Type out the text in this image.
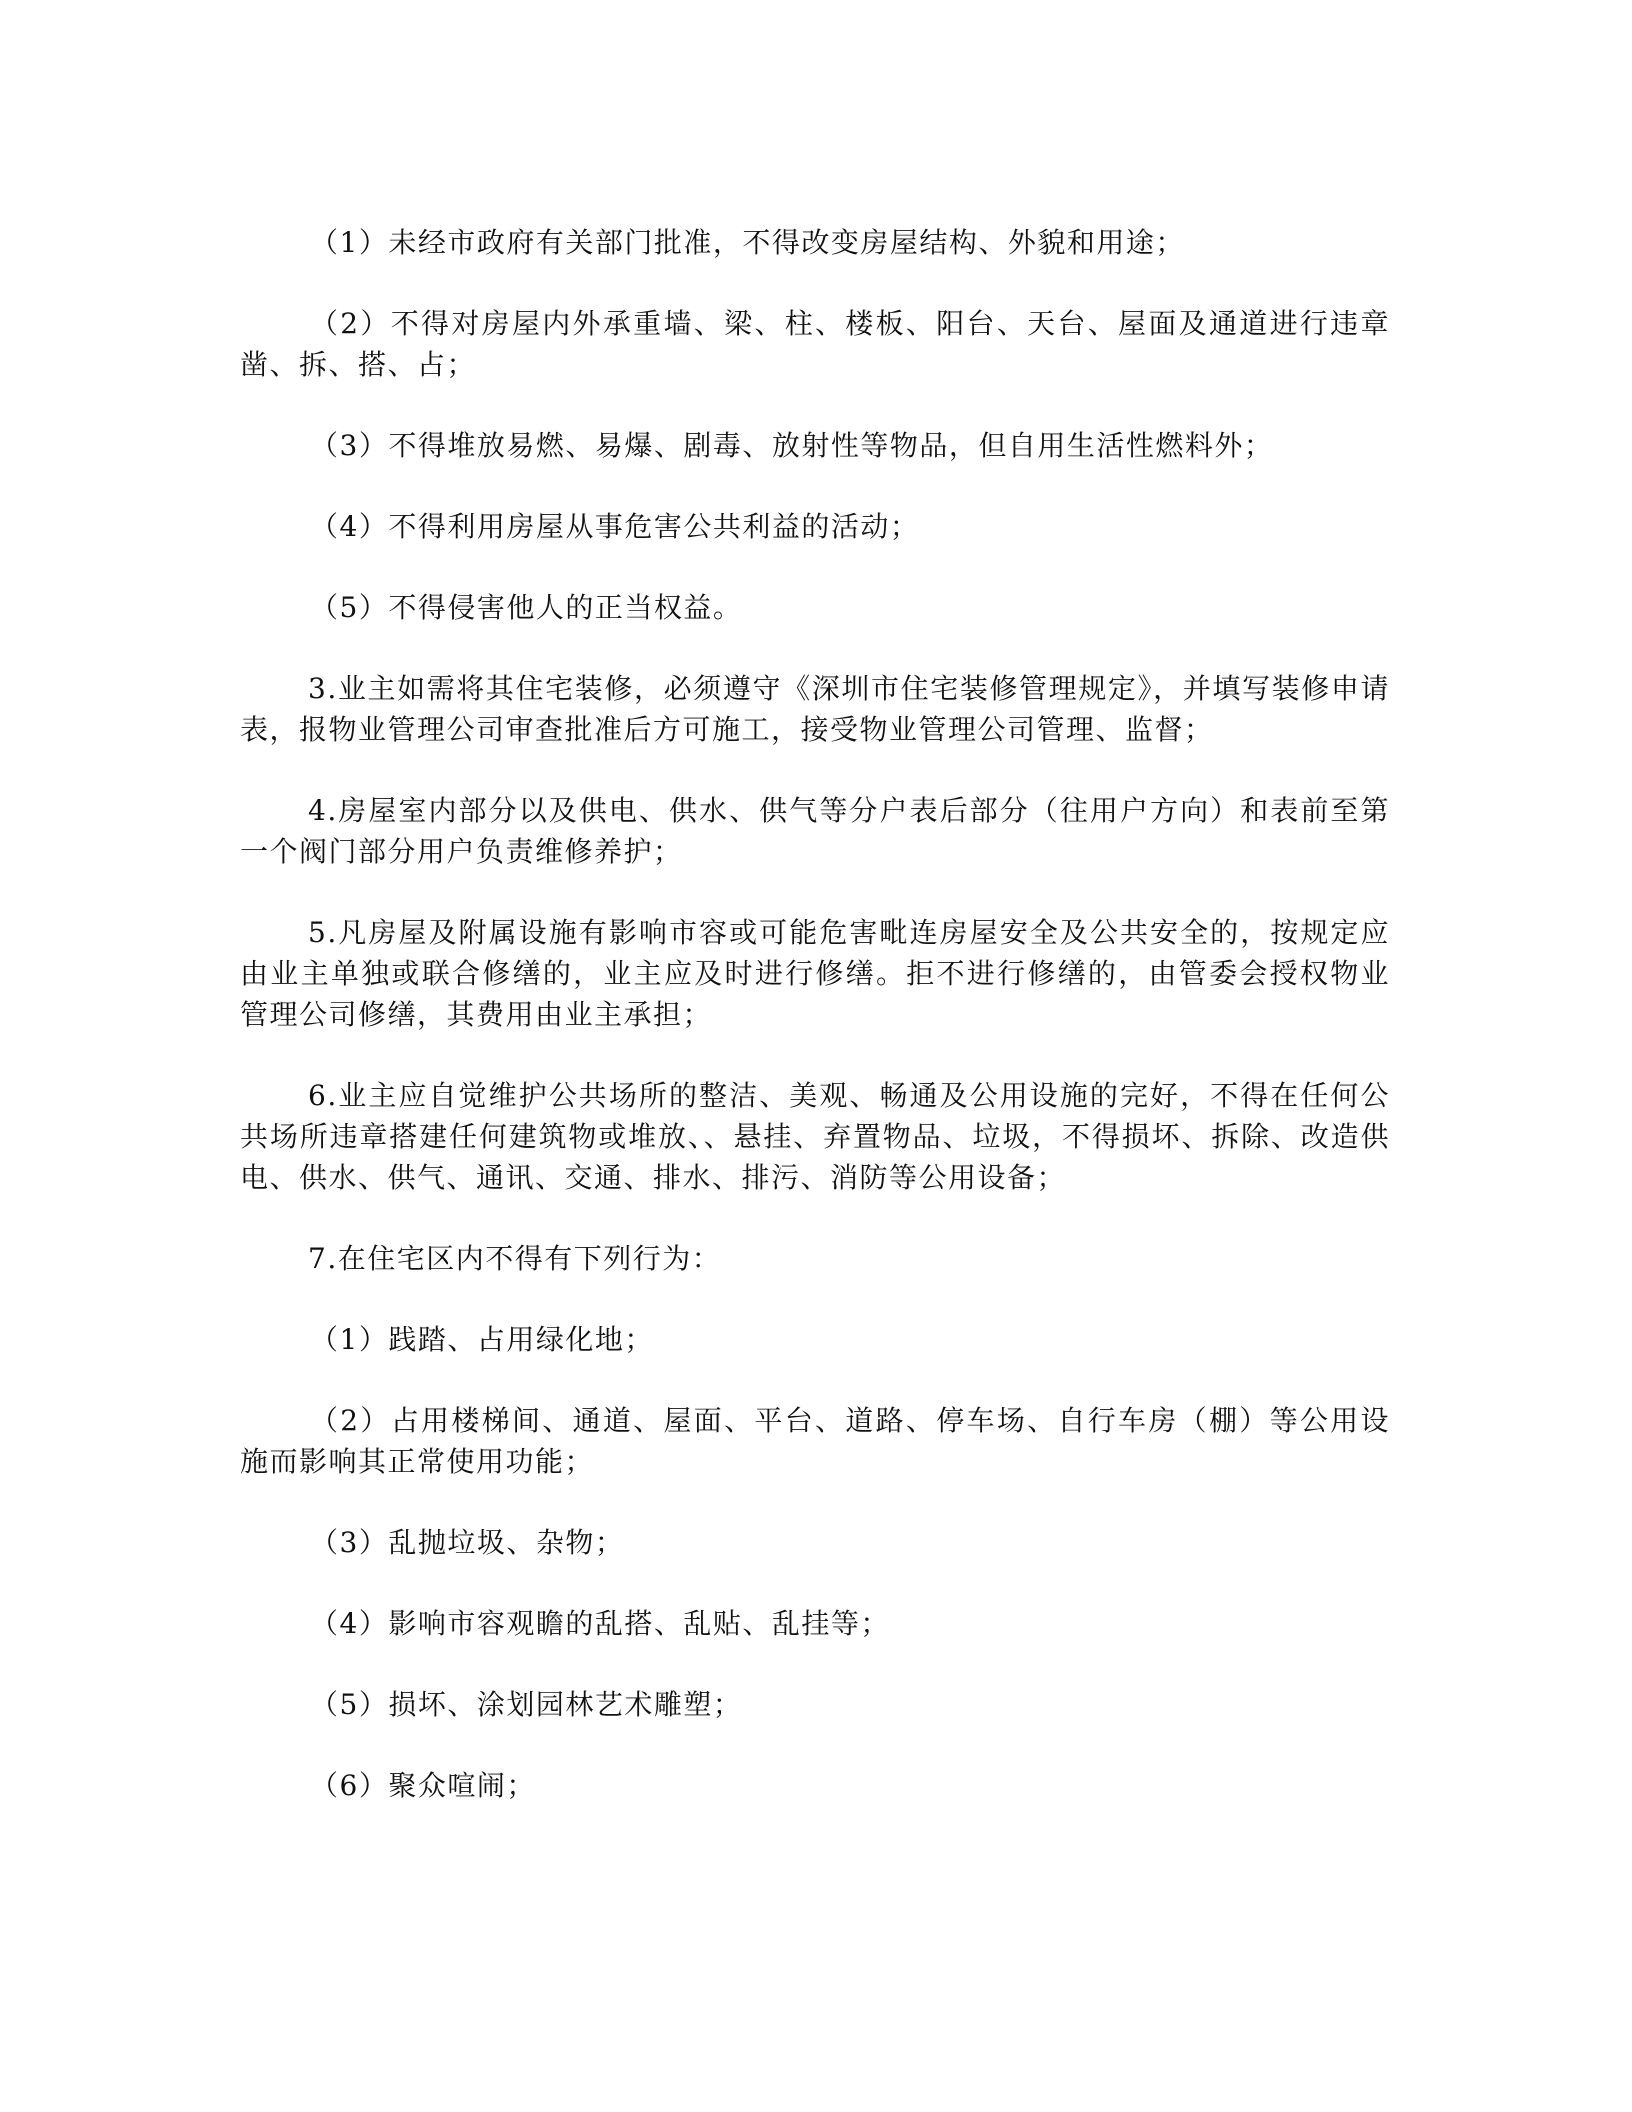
（1）未经市政府有关部门批准，不得改变房屋结构、外貌和用途；

（2）不得对房屋内外承重墙、梁、柱、楼板、阳台、天台、屋面及通道进行违章凿、拆、搭、占；

（3）不得堆放易燃、易爆、剧毒、放射性等物品，但自用生活性燃料外；

（4）不得利用房屋从事危害公共利益的活动；

（5）不得侵害他人的正当权益。

3.业主如需将其住宅装修，必须遵守《深圳市住宅装修管理规定》，并填写装修申请表，报物业管理公司审查批准后方可施工，接受物业管理公司管理、监督；

4.房屋室内部分以及供电、供水、供气等分户表后部分（往用户方向）和表前至第一个阀门部分用户负责维修养护；

5.凡房屋及附属设施有影响市容或可能危害毗连房屋安全及公共安全的，按规定应由业主单独或联合修缮的，业主应及时进行修缮。拒不进行修缮的，由管委会授权物业管理公司修缮，其费用由业主承担；

6.业主应自觉维护公共场所的整洁、美观、畅通及公用设施的完好，不得在任何公共场所违章搭建任何建筑物或堆放、、悬挂、弃置物品、垃圾，不得损坏、拆除、改造供电、供水、供气、通讯、交通、排水、排污、消防等公用设备；

7.在住宅区内不得有下列行为：

（1）践踏、占用绿化地；

（2）占用楼梯间、通道、屋面、平台、道路、停车场、自行车房（棚）等公用设施而影响其正常使用功能；

（3）乱抛垃圾、杂物；

（4）影响市容观瞻的乱搭、乱贴、乱挂等；

（5）损坏、涂划园林艺术雕塑；

（6）聚众喧闹；
